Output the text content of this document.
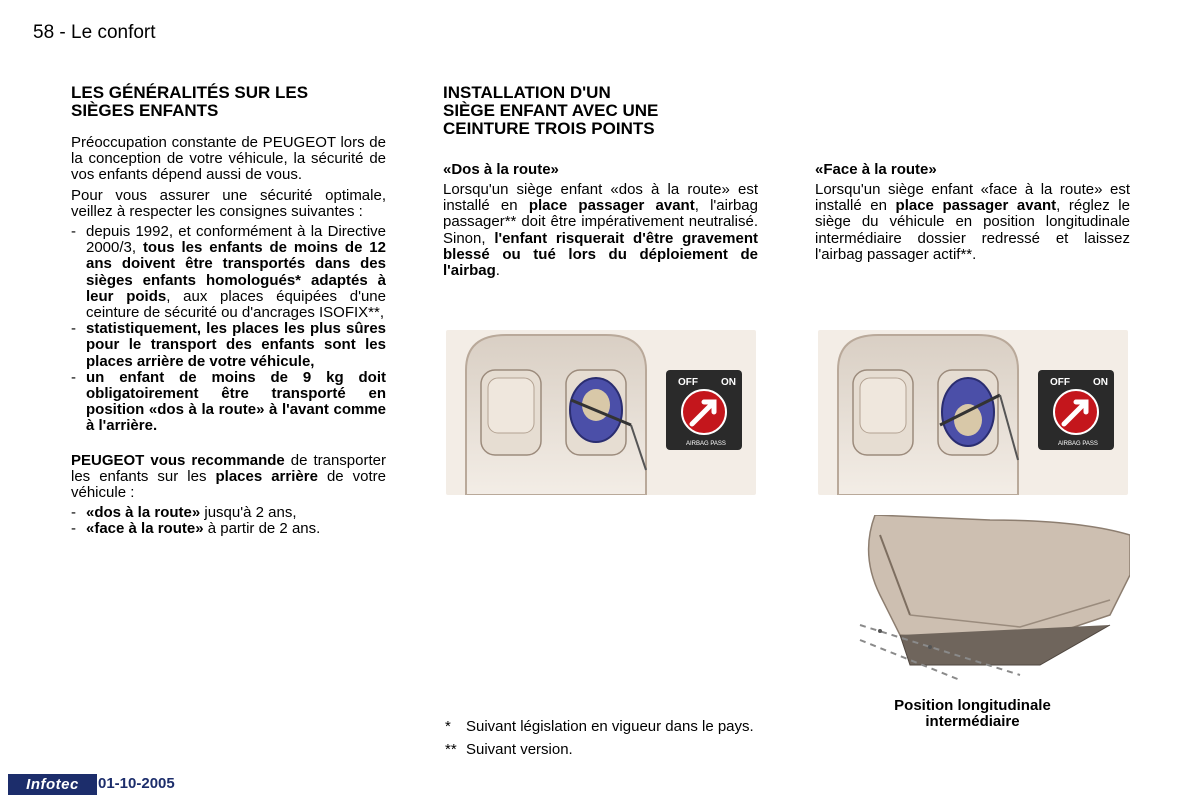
58 - Le confort
LES GÉNÉRALITÉS SUR LES
SIÈGES ENFANTS
Préoccupation constante de PEUGEOT lors de la conception de votre véhicule, la sécurité de vos enfants dépend aussi de vous.
Pour vous assurer une sécurité optimale, veillez à respecter les consignes suivantes :
- depuis 1992, et conformément à la Directive 2000/3, tous les enfants de moins de 12 ans doivent être transportés dans des sièges enfants homologués* adaptés à leur poids, aux places équipées d'une ceinture de sécurité ou d'ancrages ISOFIX**,
- statistiquement, les places les plus sûres pour le transport des enfants sont les places arrière de votre véhicule,
- un enfant de moins de 9 kg doit obligatoirement être transporté en position «dos à la route» à l'avant comme à l'arrière.
PEUGEOT vous recommande de transporter les enfants sur les places arrière de votre véhicule :
- «dos à la route» jusqu'à 2 ans,
- «face à la route» à partir de 2 ans.
INSTALLATION D'UN
SIÈGE ENFANT AVEC UNE
CEINTURE TROIS POINTS
«Dos à la route»
Lorsqu'un siège enfant «dos à la route» est installé en place passager avant, l'airbag passager** doit être impérativement neutralisé. Sinon, l'enfant risquerait d'être gravement blessé ou tué lors du déploiement de l'airbag.
OFF ON
AIRBAG PASS
«Face à la route»
Lorsqu'un siège enfant «face à la route» est installé en place passager avant, réglez le siège du véhicule en position longitudinale intermédiaire dossier redressé et laissez l'airbag passager actif**.
OFF ON
AIRBAG PASS
Position longitudinale
intermédiaire
* Suivant législation en vigueur dans le pays.
** Suivant version.
Infotec	01-10-2005
